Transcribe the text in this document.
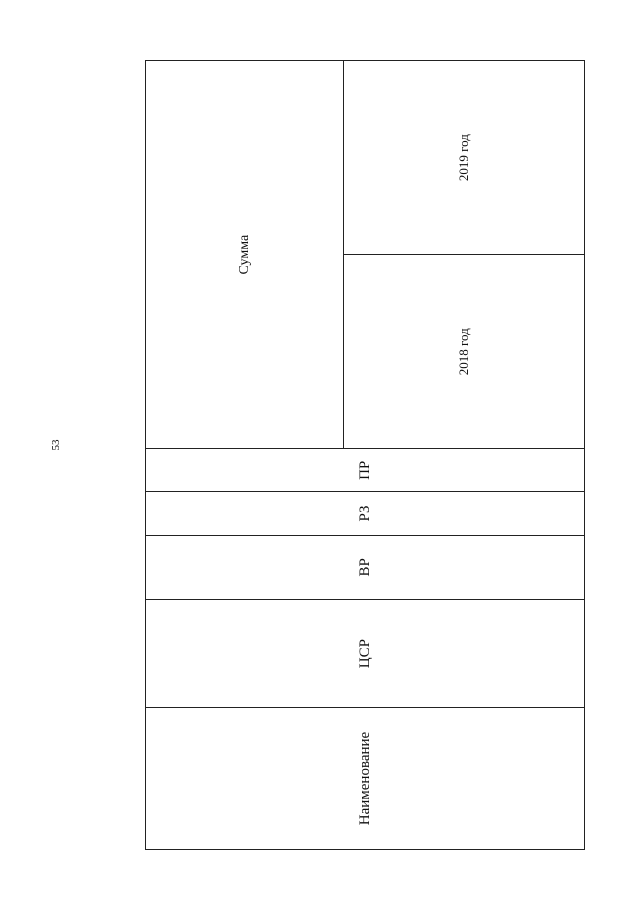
53
Наименование	ЦСР	ВР	РЗ	ПР	Сумма	
					2018 год	2019 год
